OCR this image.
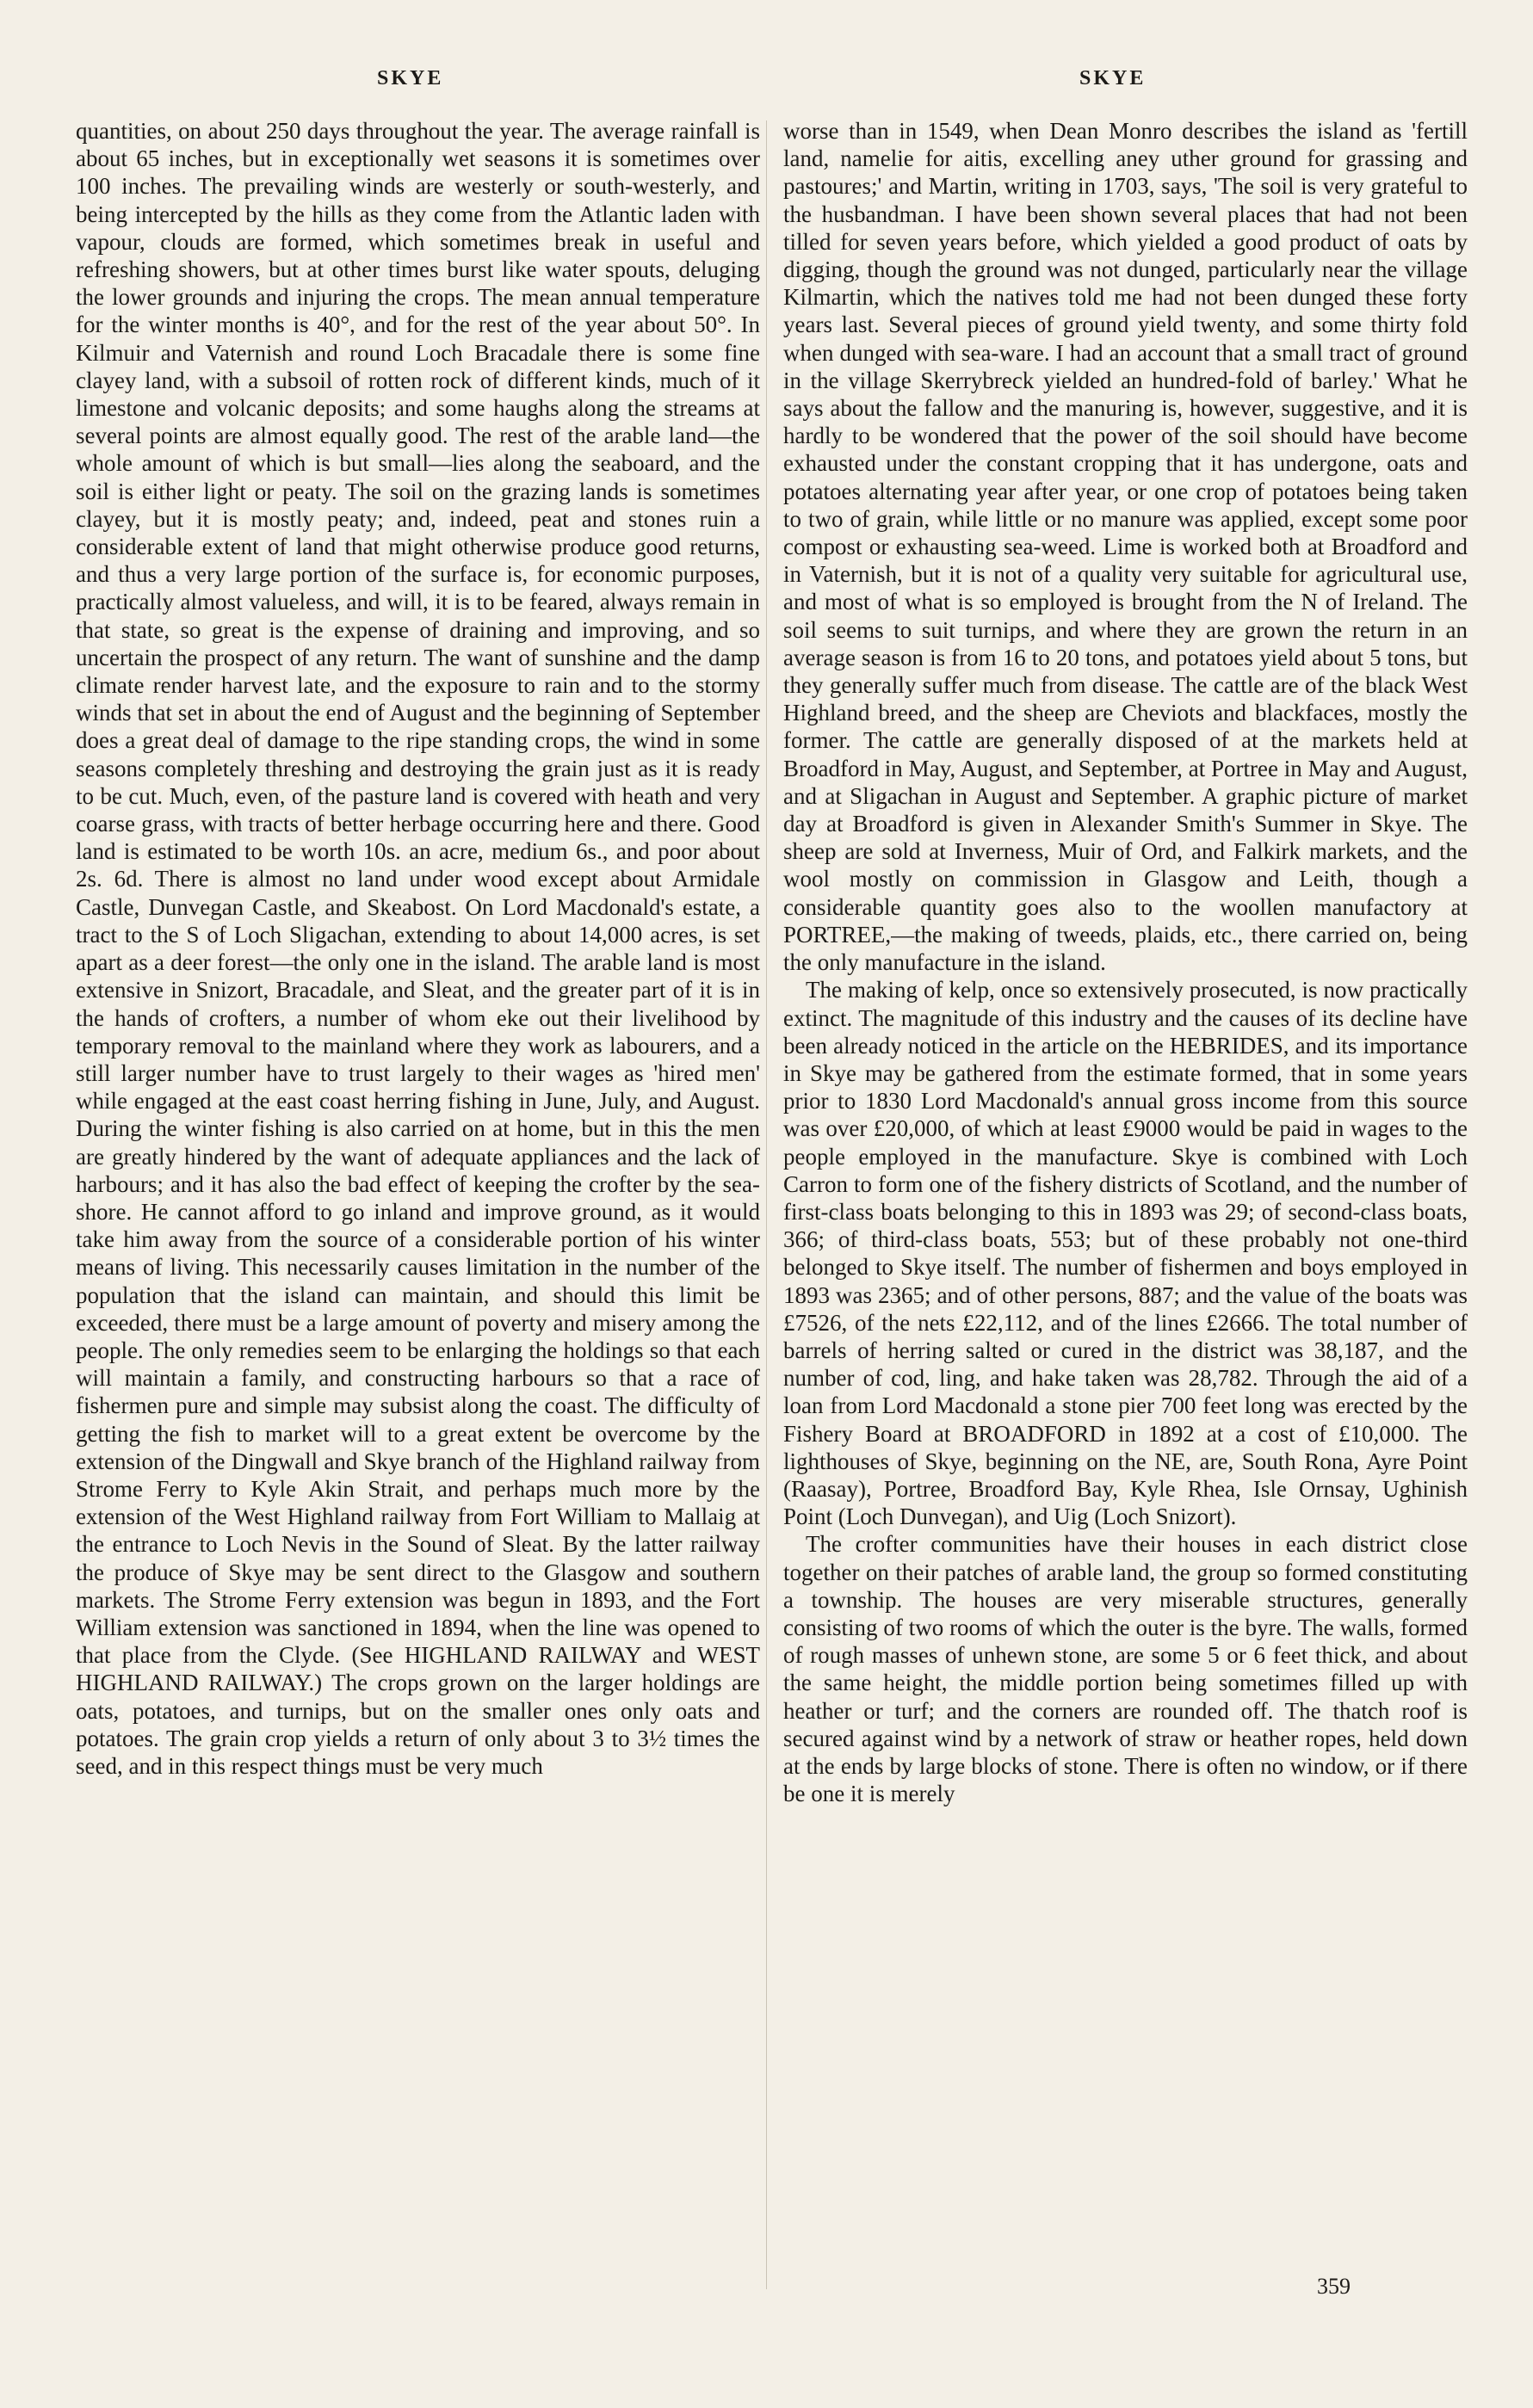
SKYE	SKYE

quantities, on about 250 days throughout the year. The average rainfall is about 65 inches, but in exceptionally wet seasons it is sometimes over 100 inches. The prevailing winds are westerly or south-westerly, and being intercepted by the hills as they come from the Atlantic laden with vapour, clouds are formed, which sometimes break in useful and refreshing showers, but at other times burst like water spouts, deluging the lower grounds and injuring the crops. The mean annual temperature for the winter months is 40°, and for the rest of the year about 50°. In Kilmuir and Vaternish and round Loch Bracadale there is some fine clayey land, with a subsoil of rotten rock of different kinds, much of it limestone and volcanic deposits; and some haughs along the streams at several points are almost equally good. The rest of the arable land—the whole amount of which is but small—lies along the seaboard, and the soil is either light or peaty. The soil on the grazing lands is sometimes clayey, but it is mostly peaty; and, indeed, peat and stones ruin a considerable extent of land that might otherwise produce good returns, and thus a very large portion of the surface is, for economic purposes, practically almost valueless, and will, it is to be feared, always remain in that state, so great is the expense of draining and improving, and so uncertain the prospect of any return. The want of sunshine and the damp climate render harvest late, and the exposure to rain and to the stormy winds that set in about the end of August and the beginning of September does a great deal of damage to the ripe standing crops, the wind in some seasons completely threshing and destroying the grain just as it is ready to be cut. Much, even, of the pasture land is covered with heath and very coarse grass, with tracts of better herbage occurring here and there. Good land is estimated to be worth 10s. an acre, medium 6s., and poor about 2s. 6d. There is almost no land under wood except about Armidale Castle, Dunvegan Castle, and Skeabost. On Lord Macdonald's estate, a tract to the S of Loch Sligachan, extending to about 14,000 acres, is set apart as a deer forest—the only one in the island. The arable land is most extensive in Snizort, Bracadale, and Sleat, and the greater part of it is in the hands of crofters, a number of whom eke out their livelihood by temporary removal to the mainland where they work as labourers, and a still larger number have to trust largely to their wages as 'hired men' while engaged at the east coast herring fishing in June, July, and August. During the winter fishing is also carried on at home, but in this the men are greatly hindered by the want of adequate appliances and the lack of harbours; and it has also the bad effect of keeping the crofter by the sea-shore. He cannot afford to go inland and improve ground, as it would take him away from the source of a considerable portion of his winter means of living. This necessarily causes limitation in the number of the population that the island can maintain, and should this limit be exceeded, there must be a large amount of poverty and misery among the people. The only remedies seem to be enlarging the holdings so that each will maintain a family, and constructing harbours so that a race of fishermen pure and simple may subsist along the coast. The difficulty of getting the fish to market will to a great extent be overcome by the extension of the Dingwall and Skye branch of the Highland railway from Strome Ferry to Kyle Akin Strait, and perhaps much more by the extension of the West Highland railway from Fort William to Mallaig at the entrance to Loch Nevis in the Sound of Sleat. By the latter railway the produce of Skye may be sent direct to the Glasgow and southern markets. The Strome Ferry extension was begun in 1893, and the Fort William extension was sanctioned in 1894, when the line was opened to that place from the Clyde. (See HIGHLAND RAILWAY and WEST HIGHLAND RAILWAY.) The crops grown on the larger holdings are oats, potatoes, and turnips, but on the smaller ones only oats and potatoes. The grain crop yields a return of only about 3 to 3½ times the seed, and in this respect things must be very much

worse than in 1549, when Dean Monro describes the island as 'fertill land, namelie for aitis, excelling aney uther ground for grassing and pastoures;' and Martin, writing in 1703, says, 'The soil is very grateful to the husbandman. I have been shown several places that had not been tilled for seven years before, which yielded a good product of oats by digging, though the ground was not dunged, particularly near the village Kilmartin, which the natives told me had not been dunged these forty years last. Several pieces of ground yield twenty, and some thirty fold when dunged with sea-ware. I had an account that a small tract of ground in the village Skerrybreck yielded an hundred-fold of barley.' What he says about the fallow and the manuring is, however, suggestive, and it is hardly to be wondered that the power of the soil should have become exhausted under the constant cropping that it has undergone, oats and potatoes alternating year after year, or one crop of potatoes being taken to two of grain, while little or no manure was applied, except some poor compost or exhausting sea-weed. Lime is worked both at Broadford and in Vaternish, but it is not of a quality very suitable for agricultural use, and most of what is so employed is brought from the N of Ireland. The soil seems to suit turnips, and where they are grown the return in an average season is from 16 to 20 tons, and potatoes yield about 5 tons, but they generally suffer much from disease. The cattle are of the black West Highland breed, and the sheep are Cheviots and blackfaces, mostly the former. The cattle are generally disposed of at the markets held at Broadford in May, August, and September, at Portree in May and August, and at Sligachan in August and September. A graphic picture of market day at Broadford is given in Alexander Smith's Summer in Skye. The sheep are sold at Inverness, Muir of Ord, and Falkirk markets, and the wool mostly on commission in Glasgow and Leith, though a considerable quantity goes also to the woollen manufactory at PORTREE,—the making of tweeds, plaids, etc., there carried on, being the only manufacture in the island.

The making of kelp, once so extensively prosecuted, is now practically extinct. The magnitude of this industry and the causes of its decline have been already noticed in the article on the HEBRIDES, and its importance in Skye may be gathered from the estimate formed, that in some years prior to 1830 Lord Macdonald's annual gross income from this source was over £20,000, of which at least £9000 would be paid in wages to the people employed in the manufacture. Skye is combined with Loch Carron to form one of the fishery districts of Scotland, and the number of first-class boats belonging to this in 1893 was 29; of second-class boats, 366; of third-class boats, 553; but of these probably not one-third belonged to Skye itself. The number of fishermen and boys employed in 1893 was 2365; and of other persons, 887; and the value of the boats was £7526, of the nets £22,112, and of the lines £2666. The total number of barrels of herring salted or cured in the district was 38,187, and the number of cod, ling, and hake taken was 28,782. Through the aid of a loan from Lord Macdonald a stone pier 700 feet long was erected by the Fishery Board at BROADFORD in 1892 at a cost of £10,000. The lighthouses of Skye, beginning on the NE, are, South Rona, Ayre Point (Raasay), Portree, Broadford Bay, Kyle Rhea, Isle Ornsay, Ughinish Point (Loch Dunvegan), and Uig (Loch Snizort).

The crofter communities have their houses in each district close together on their patches of arable land, the group so formed constituting a township. The houses are very miserable structures, generally consisting of two rooms of which the outer is the byre. The walls, formed of rough masses of unhewn stone, are some 5 or 6 feet thick, and about the same height, the middle portion being sometimes filled up with heather or turf; and the corners are rounded off. The thatch roof is secured against wind by a network of straw or heather ropes, held down at the ends by large blocks of stone. There is often no window, or if there be one it is merely

359
